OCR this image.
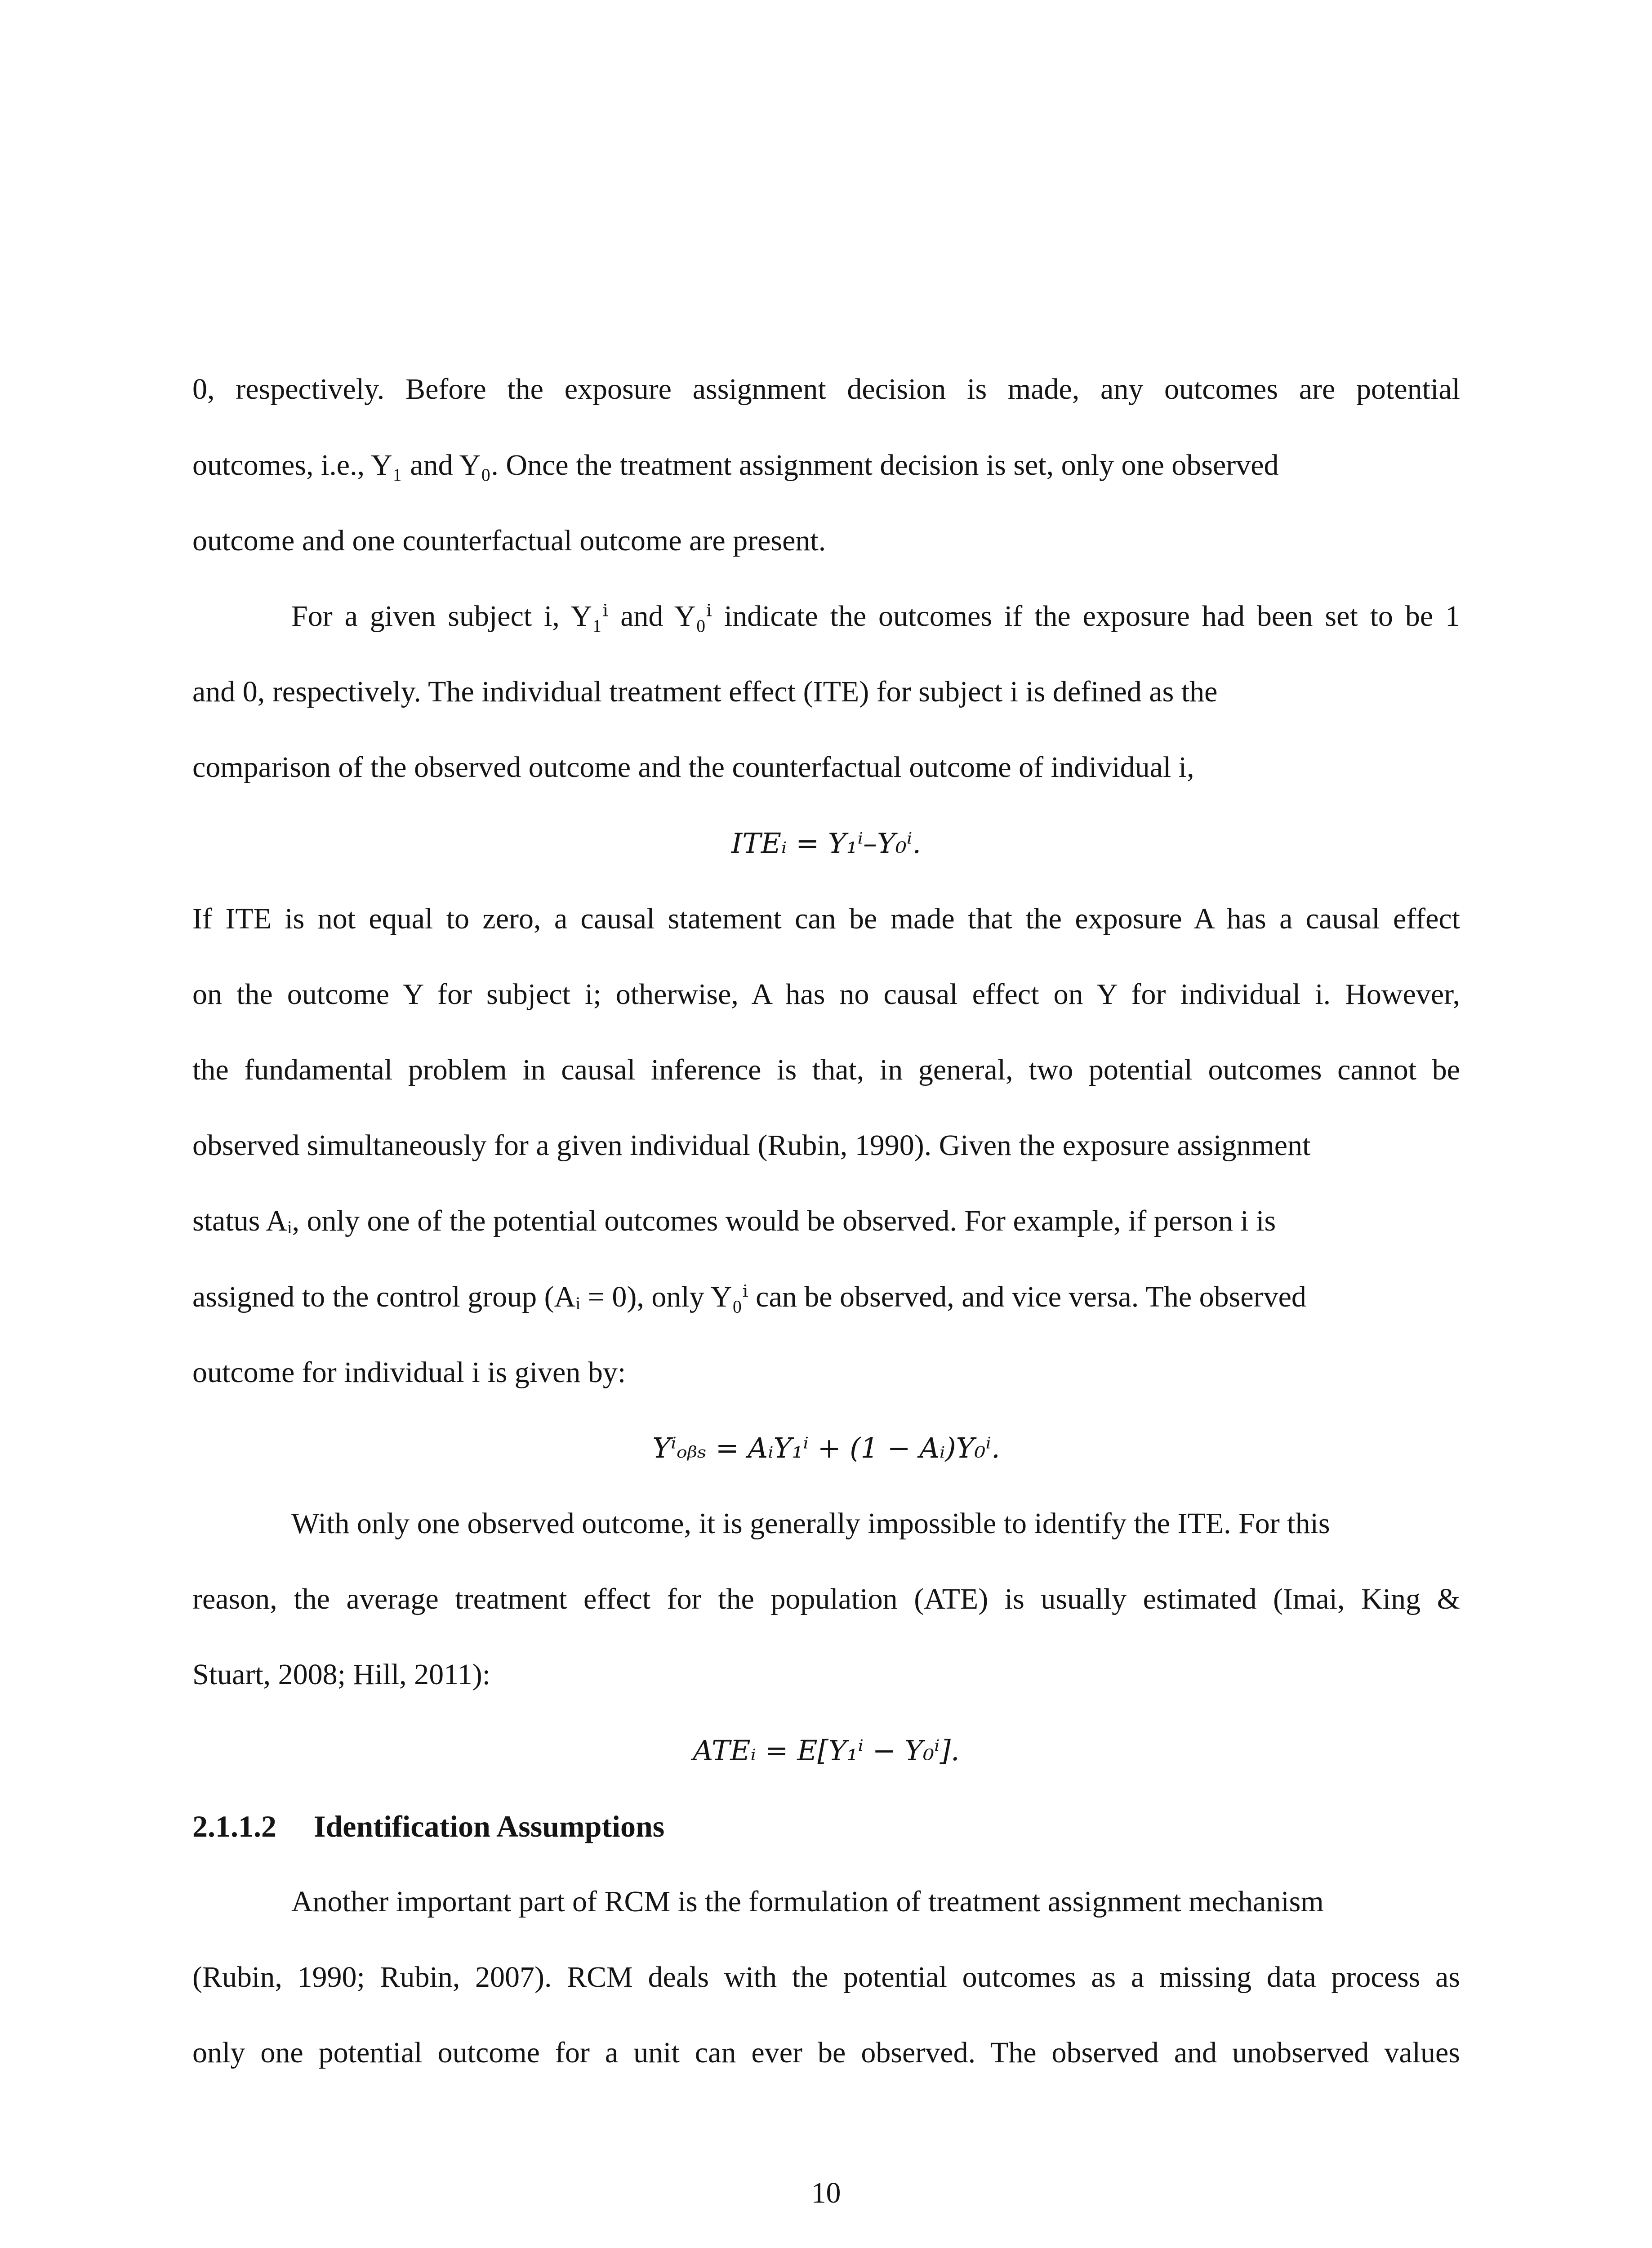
0, respectively. Before the exposure assignment decision is made, any outcomes are potential

outcomes, i.e., Y₁ and Y₀. Once the treatment assignment decision is set, only one observed

outcome and one counterfactual outcome are present.

For a given subject i, Y₁ⁱ and Y₀ⁱ indicate the outcomes if the exposure had been set to be 1

and 0, respectively. The individual treatment effect (ITE) for subject i is defined as the

comparison of the observed outcome and the counterfactual outcome of individual i,

ITEᵢ = Y₁ⁱ–Y₀ⁱ.

If ITE is not equal to zero, a causal statement can be made that the exposure A has a causal effect

on the outcome Y for subject i; otherwise, A has no causal effect on Y for individual i. However,

the fundamental problem in causal inference is that, in general, two potential outcomes cannot be

observed simultaneously for a given individual (Rubin, 1990). Given the exposure assignment

status Aᵢ, only one of the potential outcomes would be observed. For example, if person i is

assigned to the control group (Aᵢ = 0), only Y₀ⁱ can be observed, and vice versa. The observed

outcome for individual i is given by:

Yⁱₒᵦₛ = AᵢY₁ⁱ + (1 − Aᵢ)Y₀ⁱ.

With only one observed outcome, it is generally impossible to identify the ITE. For this

reason, the average treatment effect for the population (ATE) is usually estimated (Imai, King &

Stuart, 2008; Hill, 2011):

ATEᵢ = E[Y₁ⁱ − Y₀ⁱ].

2.1.1.2 Identification Assumptions

Another important part of RCM is the formulation of treatment assignment mechanism

(Rubin, 1990; Rubin, 2007). RCM deals with the potential outcomes as a missing data process as

only one potential outcome for a unit can ever be observed. The observed and unobserved values

10
